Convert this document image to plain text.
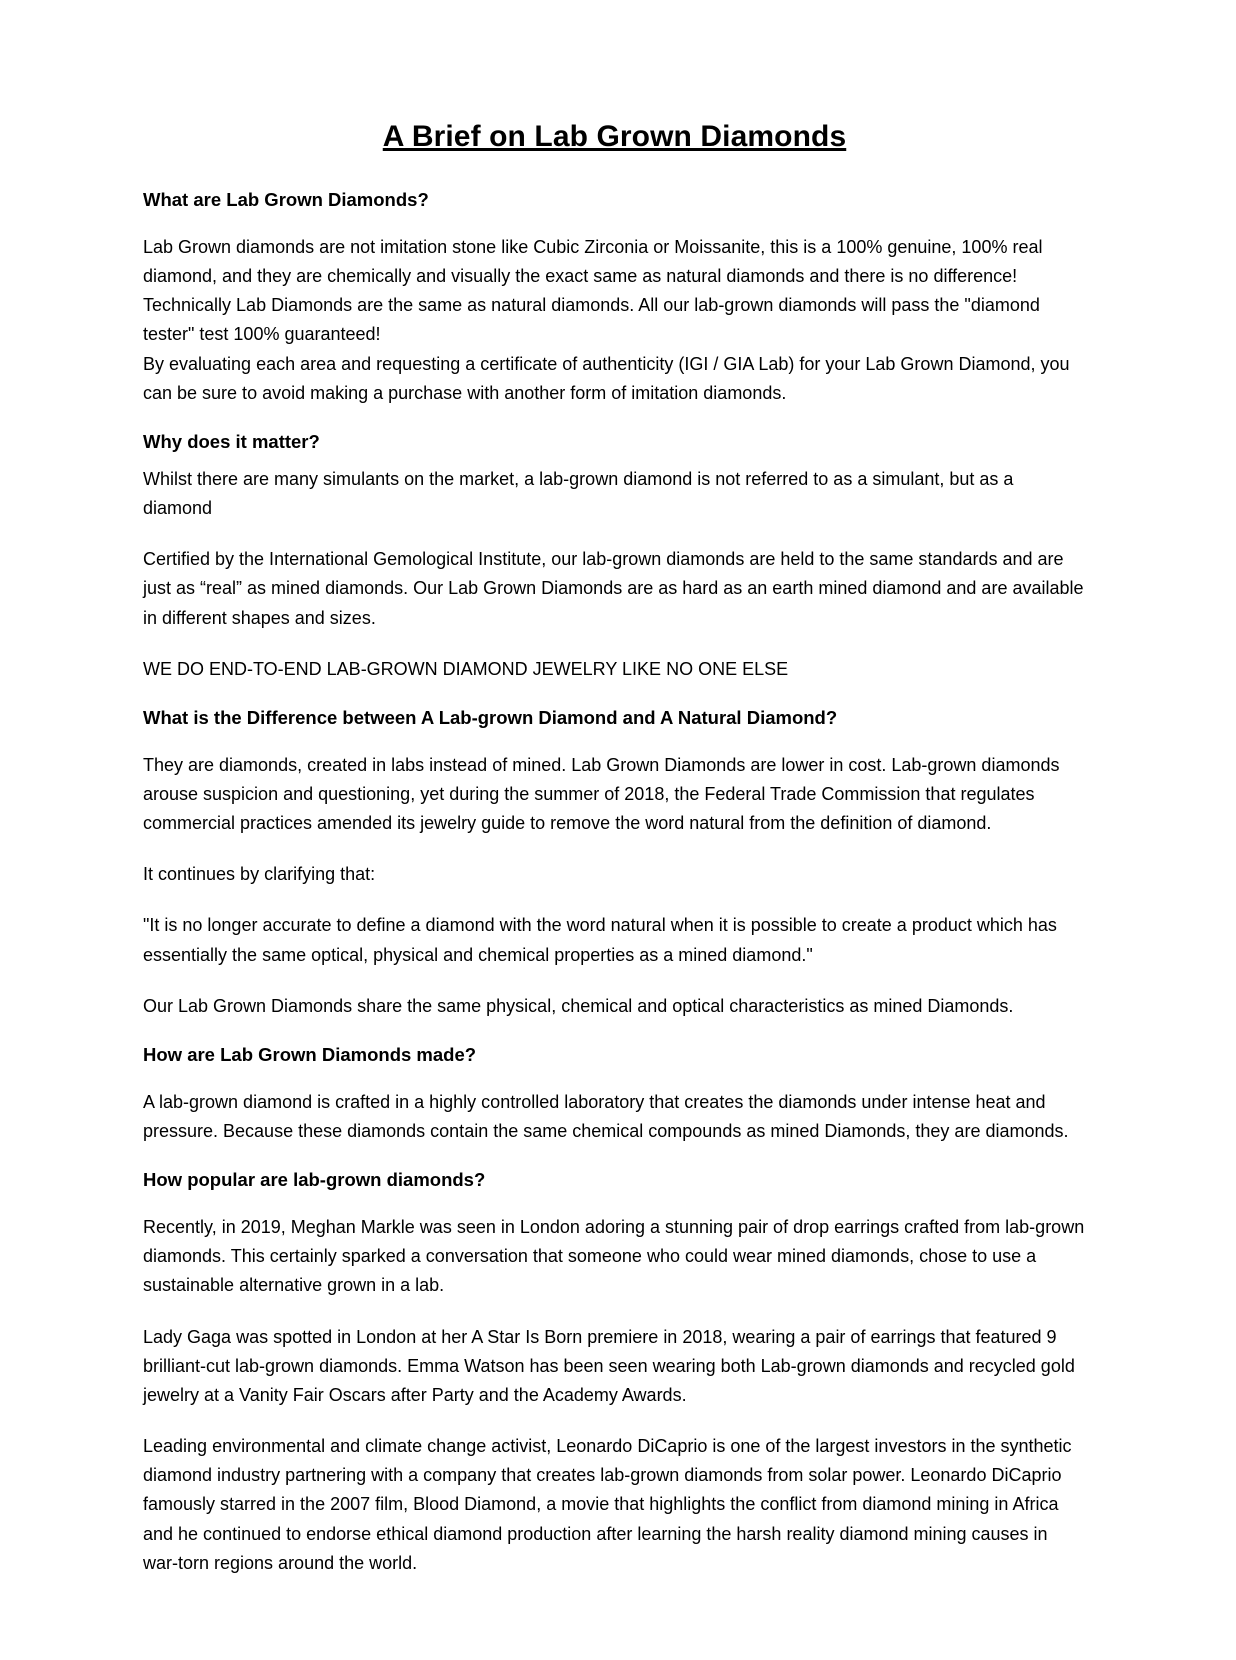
A Brief on Lab Grown Diamonds
What are Lab Grown Diamonds?

Lab Grown diamonds are not imitation stone like Cubic Zirconia or Moissanite, this is a 100% genuine, 100% real diamond, and they are chemically and visually the exact same as natural diamonds and there is no difference! Technically Lab Diamonds are the same as natural diamonds. All our lab-grown diamonds will pass the "diamond tester" test 100% guaranteed!

By evaluating each area and requesting a certificate of authenticity (IGI / GIA Lab) for your Lab Grown Diamond, you can be sure to avoid making a purchase with another form of imitation diamonds.

Why does it matter?

Whilst there are many simulants on the market, a lab-grown diamond is not referred to as a simulant, but as a diamond

Certified by the International Gemological Institute, our lab-grown diamonds are held to the same standards and are just as “real” as mined diamonds. Our Lab Grown Diamonds are as hard as an earth mined diamond and are available in different shapes and sizes.

WE DO END-TO-END LAB-GROWN DIAMOND JEWELRY LIKE NO ONE ELSE

What is the Difference between A Lab-grown Diamond and A Natural Diamond?

They are diamonds, created in labs instead of mined. Lab Grown Diamonds are lower in cost. Lab-grown diamonds arouse suspicion and questioning, yet during the summer of 2018, the Federal Trade Commission that regulates commercial practices amended its jewelry guide to remove the word natural from the definition of diamond.

It continues by clarifying that:

"It is no longer accurate to define a diamond with the word natural when it is possible to create a product which has essentially the same optical, physical and chemical properties as a mined diamond."

Our Lab Grown Diamonds share the same physical, chemical and optical characteristics as mined Diamonds.

How are Lab Grown Diamonds made?

A lab-grown diamond is crafted in a highly controlled laboratory that creates the diamonds under intense heat and pressure. Because these diamonds contain the same chemical compounds as mined Diamonds, they are diamonds.

How popular are lab-grown diamonds?

Recently, in 2019, Meghan Markle was seen in London adoring a stunning pair of drop earrings crafted from lab-grown diamonds. This certainly sparked a conversation that someone who could wear mined diamonds, chose to use a sustainable alternative grown in a lab.

Lady Gaga was spotted in London at her A Star Is Born premiere in 2018, wearing a pair of earrings that featured 9 brilliant-cut lab-grown diamonds. Emma Watson has been seen wearing both Lab-grown diamonds and recycled gold jewelry at a Vanity Fair Oscars after Party and the Academy Awards.

Leading environmental and climate change activist, Leonardo DiCaprio is one of the largest investors in the synthetic diamond industry partnering with a company that creates lab-grown diamonds from solar power. Leonardo DiCaprio famously starred in the 2007 film, Blood Diamond, a movie that highlights the conflict from diamond mining in Africa and he continued to endorse ethical diamond production after learning the harsh reality diamond mining causes in war-torn regions around the world.
